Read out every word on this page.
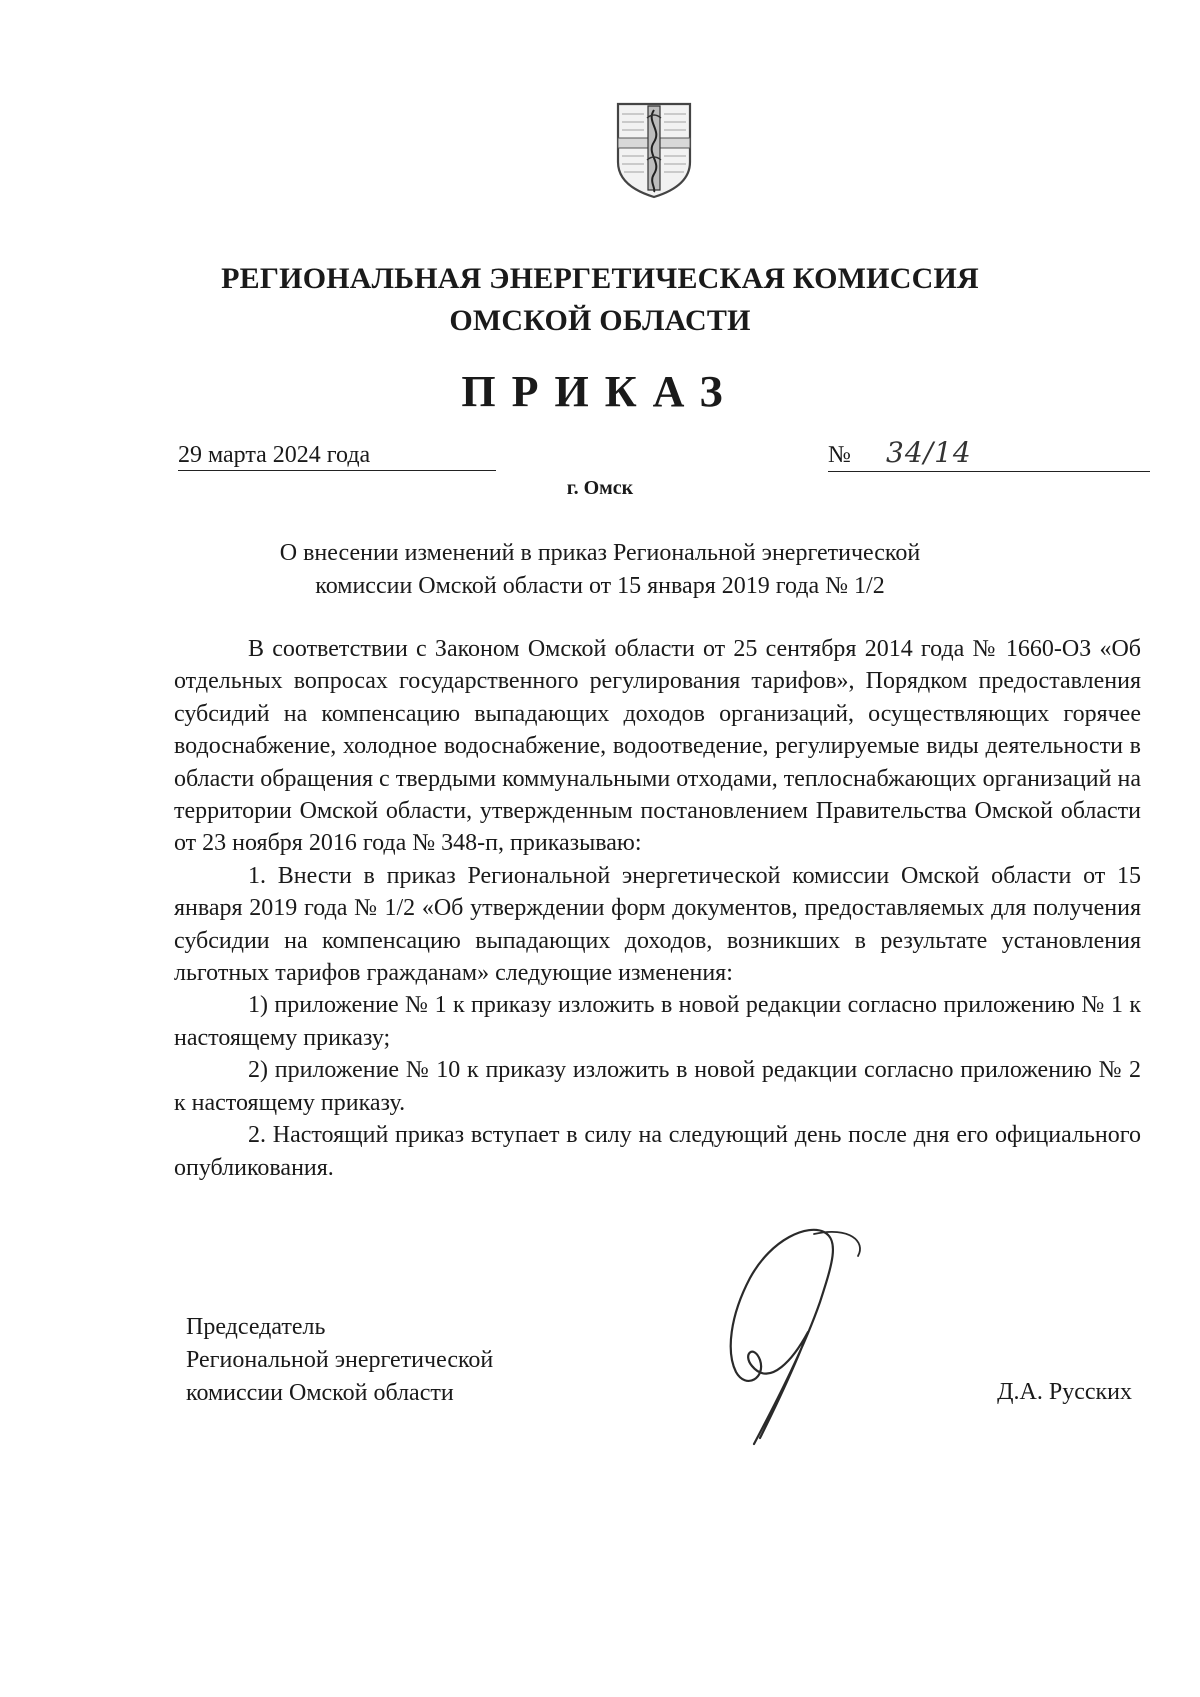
РЕГИОНАЛЬНАЯ ЭНЕРГЕТИЧЕСКАЯ КОМИССИЯ
ОМСКОЙ ОБЛАСТИ
ПРИКАЗ
29 марта 2024 года	№ 34/14
г. Омск
О внесении изменений в приказ Региональной энергетической
комиссии Омской области от 15 января 2019 года № 1/2

В соответствии с Законом Омской области от 25 сентября 2014 года № 1660-ОЗ «Об отдельных вопросах государственного регулирования тарифов», Порядком предоставления субсидий на компенсацию выпадающих доходов организаций, осуществляющих горячее водоснабжение, холодное водоснабжение, водоотведение, регулируемые виды деятельности в области обращения с твердыми коммунальными отходами, теплоснабжающих организаций на территории Омской области, утвержденным постановлением Правительства Омской области от 23 ноября 2016 года № 348-п, приказываю:

1. Внести в приказ Региональной энергетической комиссии Омской области от 15 января 2019 года № 1/2 «Об утверждении форм документов, предоставляемых для получения субсидии на компенсацию выпадающих доходов, возникших в результате установления льготных тарифов гражданам» следующие изменения:

1) приложение № 1 к приказу изложить в новой редакции согласно приложению № 1 к настоящему приказу;

2) приложение № 10 к приказу изложить в новой редакции согласно приложению № 2 к настоящему приказу.

2. Настоящий приказ вступает в силу на следующий день после дня его официального опубликования.

Председатель
Региональной энергетической
комиссии Омской области	Д.А. Русских
